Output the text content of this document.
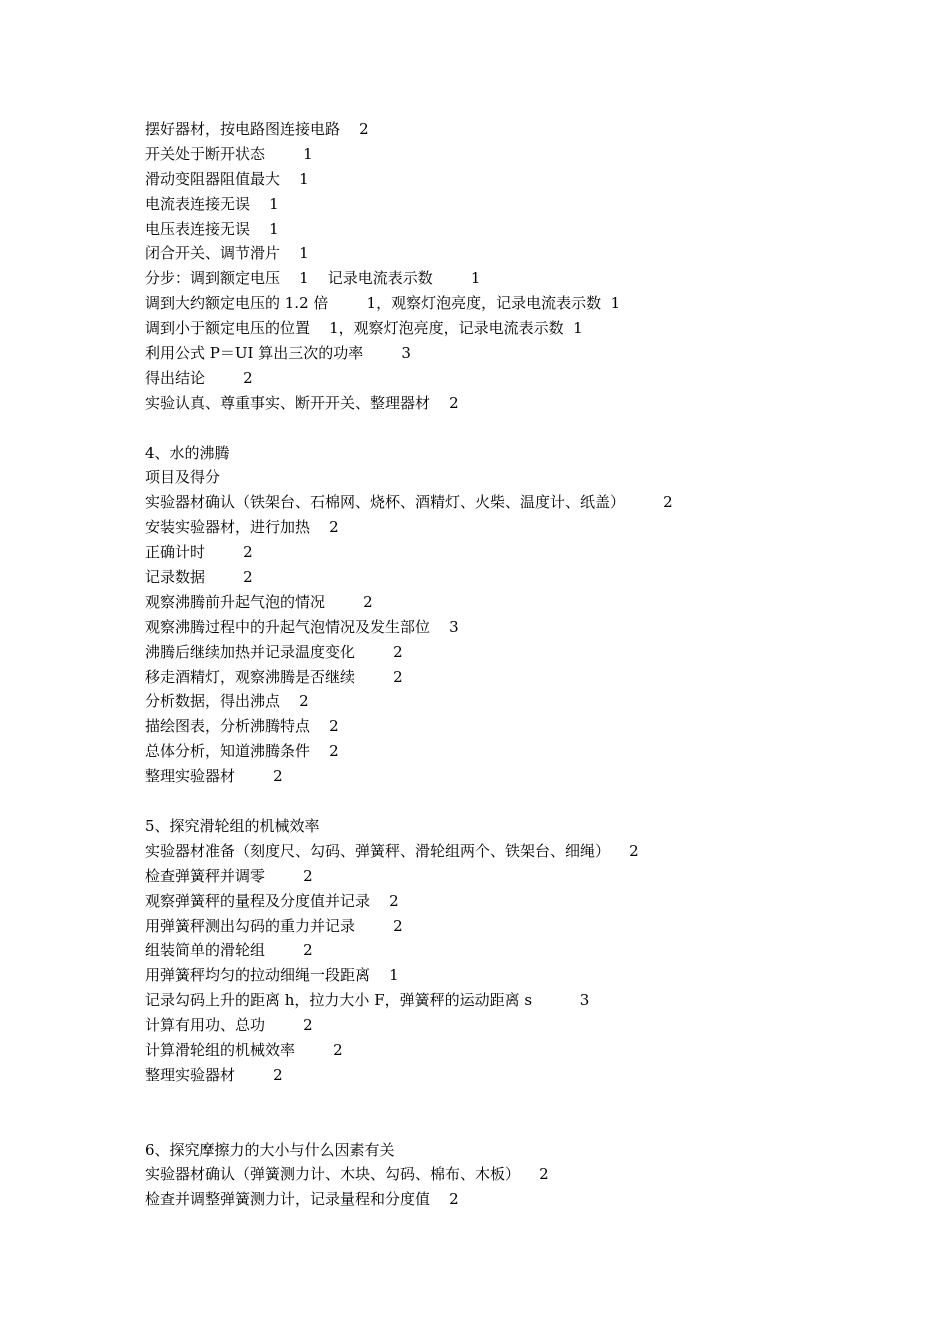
摆好器材，按电路图连接电路    2

开关处于断开状态        1

滑动变阻器阻值最大    1

电流表连接无误    1

电压表连接无误    1

闭合开关、调节滑片    1

分步：调到额定电压    1    记录电流表示数        1

调到大约额定电压的 1.2 倍        1，观察灯泡亮度，记录电流表示数  1

调到小于额定电压的位置    1，观察灯泡亮度，记录电流表示数  1

利用公式 P＝UI 算出三次的功率        3

得出结论        2

实验认真、尊重事实、断开开关、整理器材    2

4、水的沸腾

项目及得分

实验器材确认（铁架台、石棉网、烧杯、酒精灯、火柴、温度计、纸盖）        2

安装实验器材，进行加热    2

正确计时        2

记录数据        2

观察沸腾前升起气泡的情况        2

观察沸腾过程中的升起气泡情况及发生部位    3

沸腾后继续加热并记录温度变化        2

移走酒精灯，观察沸腾是否继续        2

分析数据，得出沸点    2

描绘图表，分析沸腾特点    2

总体分析，知道沸腾条件    2

整理实验器材        2

5、探究滑轮组的机械效率

实验器材准备（刻度尺、勾码、弹簧秤、滑轮组两个、铁架台、细绳）    2

检查弹簧秤并调零        2

观察弹簧秤的量程及分度值并记录    2

用弹簧秤测出勾码的重力并记录        2

组装简单的滑轮组        2

用弹簧秤均匀的拉动细绳一段距离    1

记录勾码上升的距离 h，拉力大小 F，弹簧秤的运动距离 s          3

计算有用功、总功        2

计算滑轮组的机械效率        2

整理实验器材        2

6、探究摩擦力的大小与什么因素有关

实验器材确认（弹簧测力计、木块、勾码、棉布、木板）    2

检查并调整弹簧测力计，记录量程和分度值    2
